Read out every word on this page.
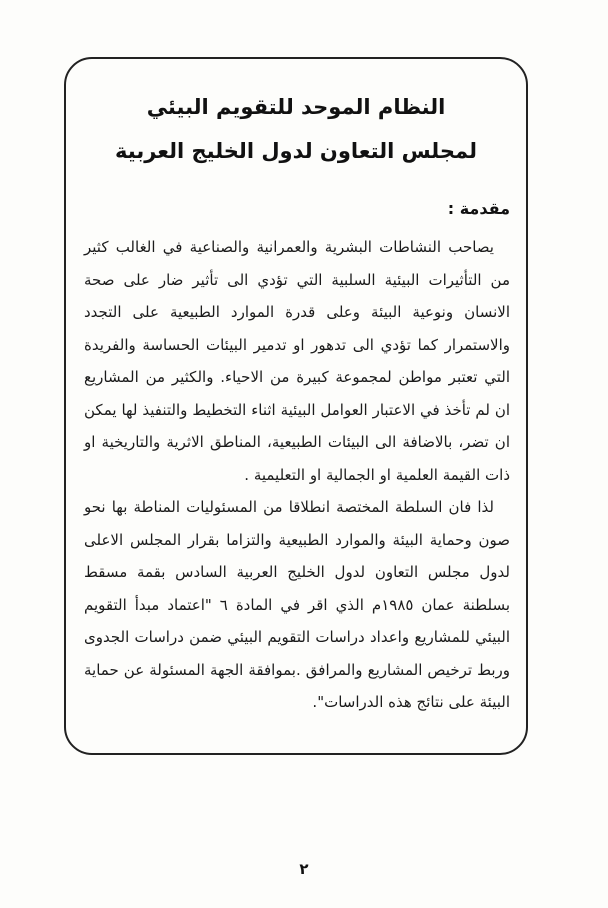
النظام الموحد للتقويم البيئي
لمجلس التعاون لدول الخليج العربية
مقدمة :

يصاحب النشاطات البشرية والعمرانية والصناعية في الغالب كثير من التأثيرات البيئية السلبية التي تؤدي الى تأثير ضار على صحة الانسان ونوعية البيئة وعلى قدرة الموارد الطبيعية على التجدد والاستمرار كما تؤدي الى تدهور او تدمير البيئات الحساسة والفريدة التي تعتبر مواطن لمجموعة كبيرة من الاحياء. والكثير من المشاريع ان لم تأخذ في الاعتبار العوامل البيئية اثناء التخطيط والتنفيذ لها يمكن ان تضر، بالاضافة الى البيئات الطبيعية، المناطق الاثرية والتاريخية او ذات القيمة العلمية او الجمالية او التعليمية .

لذا فان السلطة المختصة انطلاقا من المسئوليات المناطة بها نحو صون وحماية البيئة والموارد الطبيعية والتزاما بقرار المجلس الاعلى لدول مجلس التعاون لدول الخليج العربية السادس بقمة مسقط بسلطنة عمان ١٩٨٥م الذي اقر في المادة ٦ "اعتماد مبدأ التقويم البيئي للمشاريع واعداد دراسات التقويم البيئي ضمن دراسات الجدوى وربط ترخيص المشاريع والمرافق .بموافقة الجهة المسئولة عن حماية البيئة على نتائج هذه الدراسات".

٢
